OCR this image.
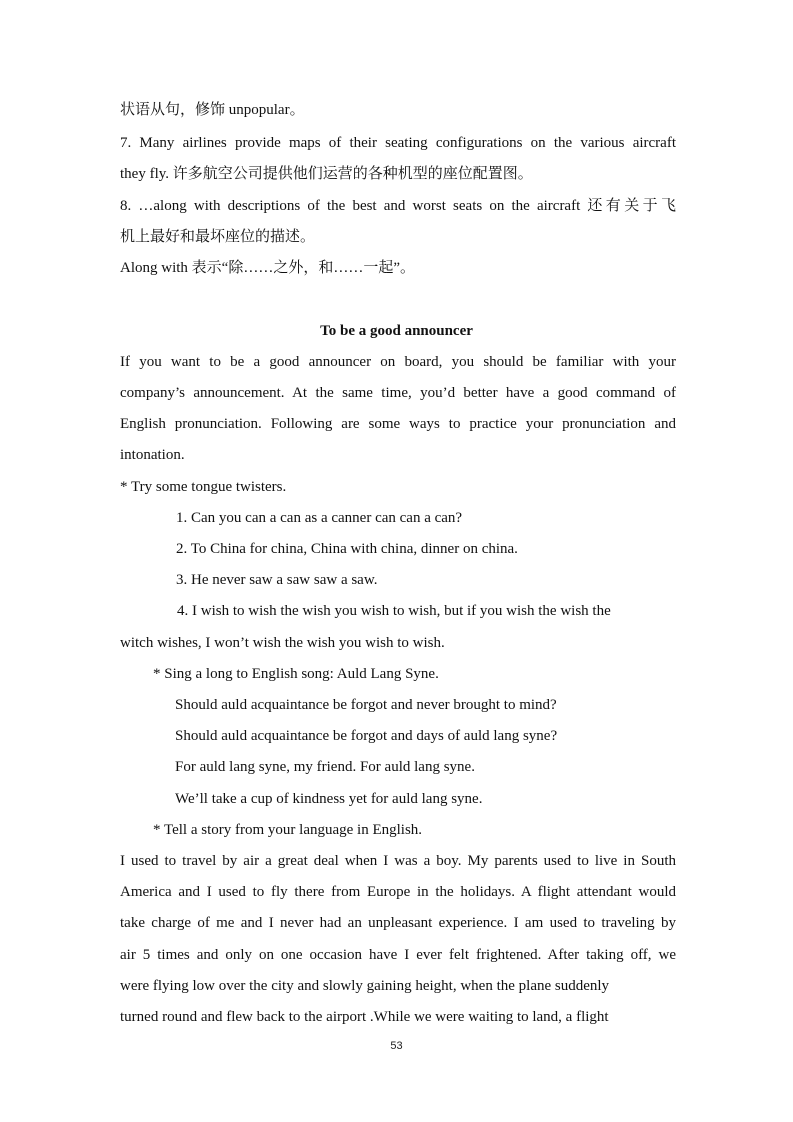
状语从句，修饰 unpopular。
7. Many airlines provide maps of their seating configurations on the various aircraft
they fly. 许多航空公司提供他们运营的各种机型的座位配置图。
8. …along with descriptions of the best and worst seats on the aircraft 还有关于飞
机上最好和最坏座位的描述。
Along with 表示“除……之外，和……一起”。
To be a good announcer
If you want to be a good announcer on board, you should be familiar with your
company’s announcement. At the same time, you’d better have a good command of
English pronunciation. Following are some ways to practice your pronunciation and
intonation.
* Try some tongue twisters.
1. Can you can a can as a canner can can a can?
2. To China for china, China with china, dinner on china.
3. He never saw a saw saw a saw.
4. I wish to wish the wish you wish to wish, but if you wish the wish the
witch wishes, I won’t wish the wish you wish to wish.
* Sing a long to English song: Auld Lang Syne.
Should auld acquaintance be forgot and never brought to mind?
Should auld acquaintance be forgot and days of auld lang syne?
For auld lang syne, my friend. For auld lang syne.
We’ll take a cup of kindness yet for auld lang syne.
* Tell a story from your language in English.
I used to travel by air a great deal when I was a boy. My parents used to live in South
America and I used to fly there from Europe in the holidays. A flight attendant would
take charge of me and I never had an unpleasant experience. I am used to traveling by
air 5 times and only on one occasion have I ever felt frightened. After taking off, we
were flying low over the city and slowly gaining height, when the plane suddenly
turned round and flew back to the airport .While we were waiting to land, a flight
53
